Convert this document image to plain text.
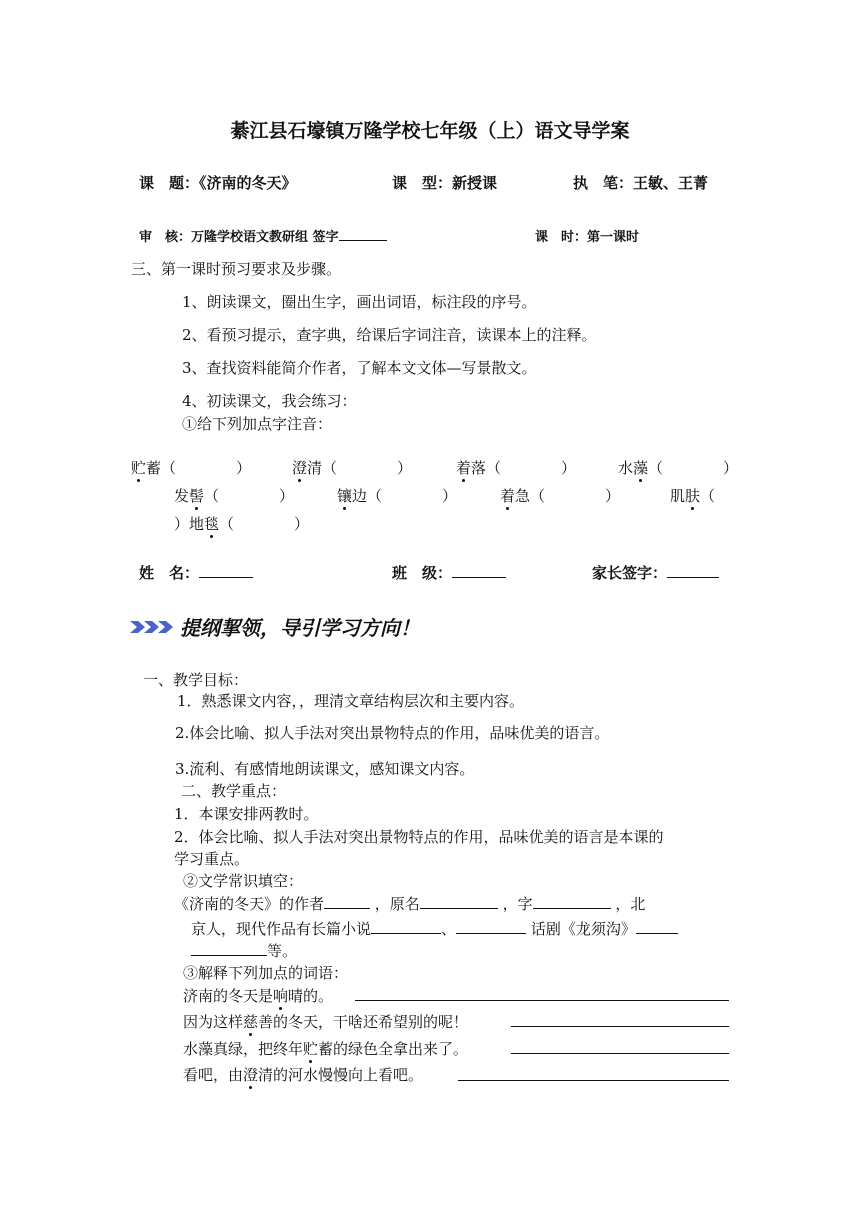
綦江县石壕镇万隆学校七年级（上）语文导学案
课　题：《济南的冬天》	课　型：新授课	执　笔：王敏、王菁
审　核：万隆学校语文教研组 签字	课　时：第一课时
三、第一课时预习要求及步骤。
1、朗读课文，圈出生字，画出词语，标注段的序号。
2、看预习提示，查字典，给课后字词注音，读课本上的注释。
3、查找资料能简介作者，了解本文文体—写景散文。
4、初读课文，我会练习：
①给下列加点字注音：
贮蓄（　　　　）	澄清（　　　　）	着落（　　　　）	水藻（　　　　）
发髻（　　　　）	镶边（　　　　）	着急（　　　　）	肌肤（
）地毯（　　　　）
姓　名：	班　级：	家长签字：
提纲挈领，导引学习方向！
一、教学目标：
1．熟悉课文内容，，理清文章结构层次和主要内容。
2.体会比喻、拟人手法对突出景物特点的作用，品味优美的语言。
3.流利、有感情地朗读课文，感知课文内容。
二、教学重点：
1．本课安排两教时。
2．体会比喻、拟人手法对突出景物特点的作用，品味优美的语言是本课的
学习重点。
②文学常识填空：
《济南的冬天》的作者	，原名	，字	，北
京人，现代作品有长篇小说	、	话剧《龙须沟》
等。
③解释下列加点的词语：
济南的冬天是响晴的。
因为这样慈善的冬天，干啥还希望别的呢！
水藻真绿，把终年贮蓄的绿色全拿出来了。
看吧，由澄清的河水慢慢向上看吧。
